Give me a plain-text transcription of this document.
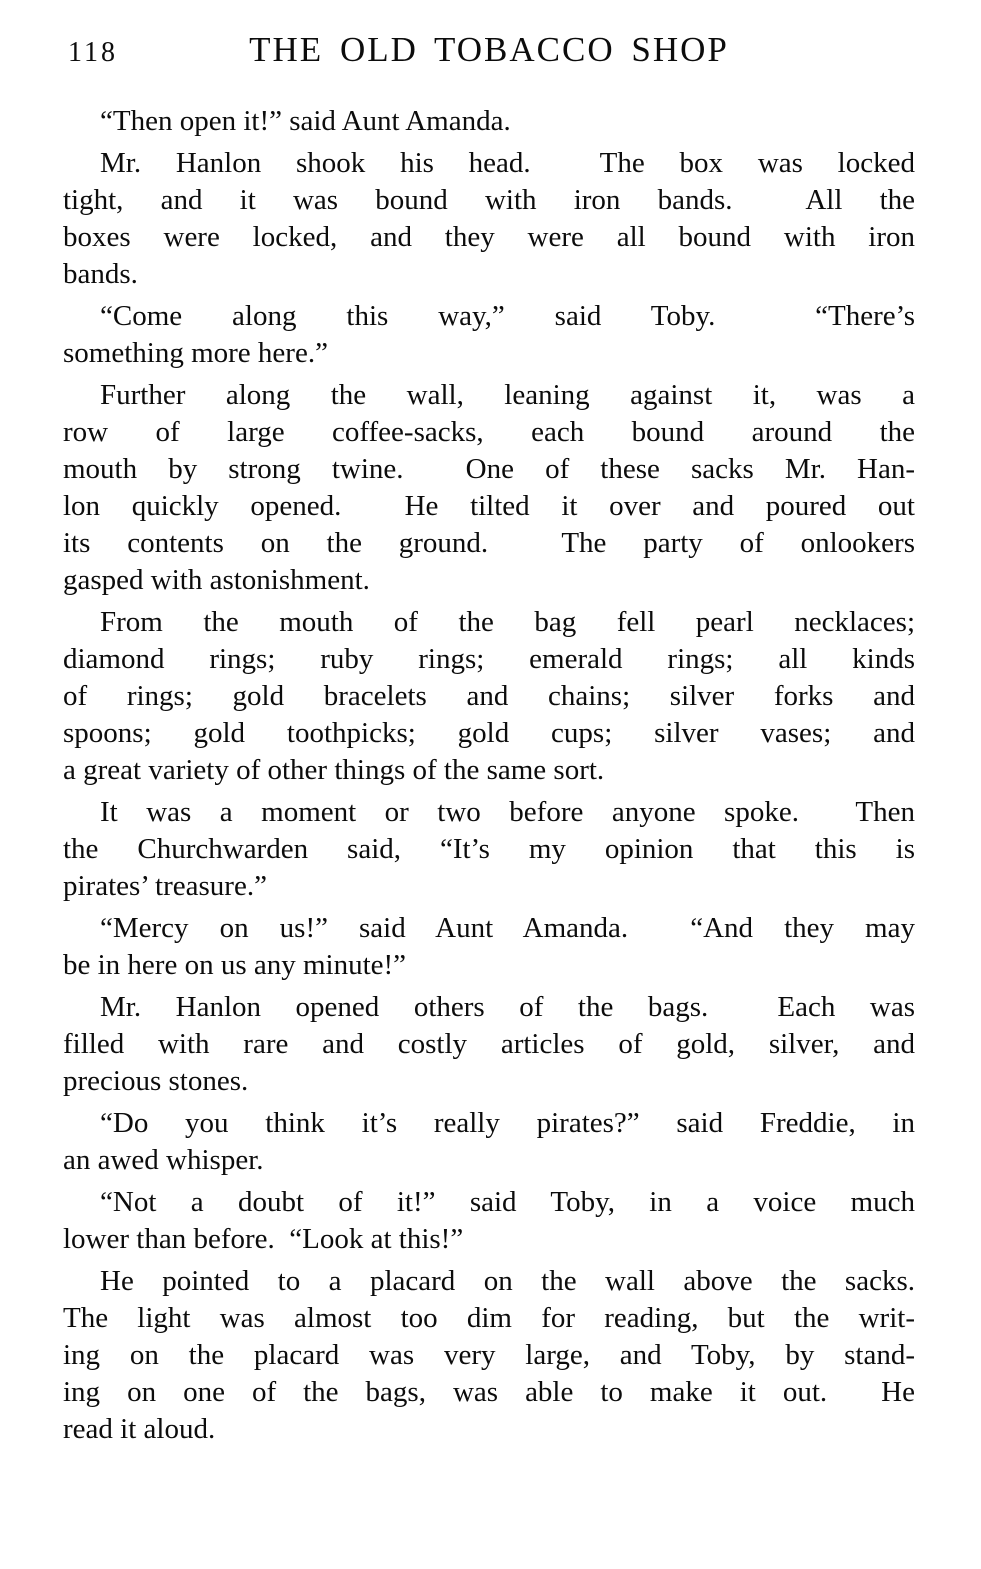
118	THE OLD TOBACCO SHOP
“Then open it!” said Aunt Amanda.
Mr. Hanlon shook his head.  The box was locked
tight, and it was bound with iron bands.  All the
boxes were locked, and they were all bound with iron
bands.
“Come along this way,” said Toby.  “There’s
something more here.”
Further along the wall, leaning against it, was a
row of large coffee-sacks, each bound around the
mouth by strong twine.  One of these sacks Mr. Han-
lon quickly opened.  He tilted it over and poured out
its contents on the ground.  The party of onlookers
gasped with astonishment.
From the mouth of the bag fell pearl necklaces;
diamond rings; ruby rings; emerald rings; all kinds
of rings; gold bracelets and chains; silver forks and
spoons; gold toothpicks; gold cups; silver vases; and
a great variety of other things of the same sort.
It was a moment or two before anyone spoke.  Then
the Churchwarden said, “It’s my opinion that this is
pirates’ treasure.”
“Mercy on us!” said Aunt Amanda.  “And they may
be in here on us any minute!”
Mr. Hanlon opened others of the bags.  Each was
filled with rare and costly articles of gold, silver, and
precious stones.
“Do you think it’s really pirates?” said Freddie, in
an awed whisper.
“Not a doubt of it!” said Toby, in a voice much
lower than before.  “Look at this!”
He pointed to a placard on the wall above the sacks.
The light was almost too dim for reading, but the writ-
ing on the placard was very large, and Toby, by stand-
ing on one of the bags, was able to make it out.  He
read it aloud.
